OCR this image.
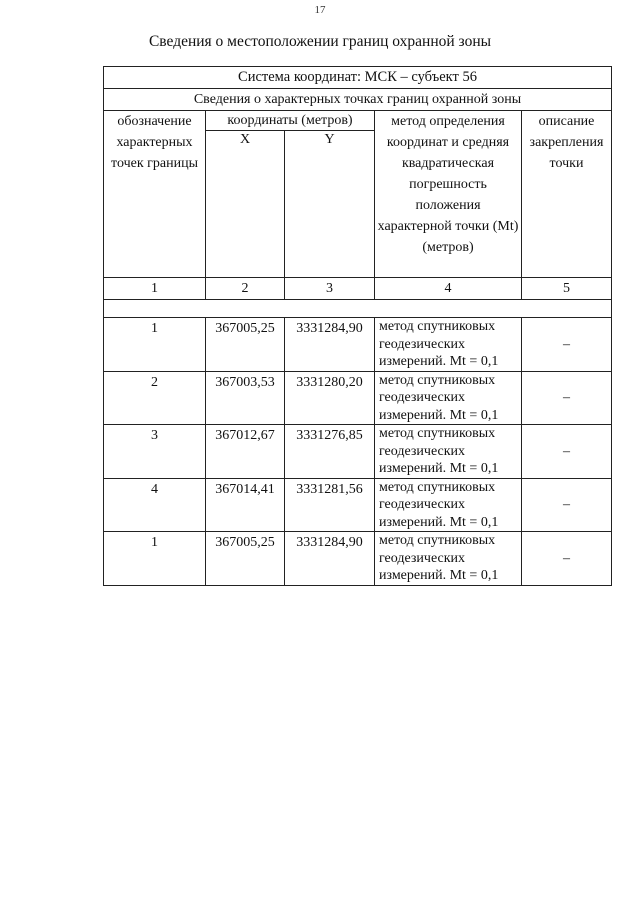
17
Сведения о местоположении границ охранной зоны
Система координат: МСК – субъект 56				
Сведения о характерных точках границ охранной зоны				
обозначение характерных точек границы	координаты (метров)		метод определения координат и средняя квадратическая погрешность положения характерной точки (Mt) (метров)	описание закрепления точки
	X	Y		
1	2	3	4	5

1	367005,25	3331284,90	метод спутниковых геодезических измерений. Mt = 0,1	–
2	367003,53	3331280,20	метод спутниковых геодезических измерений. Mt = 0,1	–
3	367012,67	3331276,85	метод спутниковых геодезических измерений. Mt = 0,1	–
4	367014,41	3331281,56	метод спутниковых геодезических измерений. Mt = 0,1	–
1	367005,25	3331284,90	метод спутниковых геодезических измерений. Mt = 0,1	–
